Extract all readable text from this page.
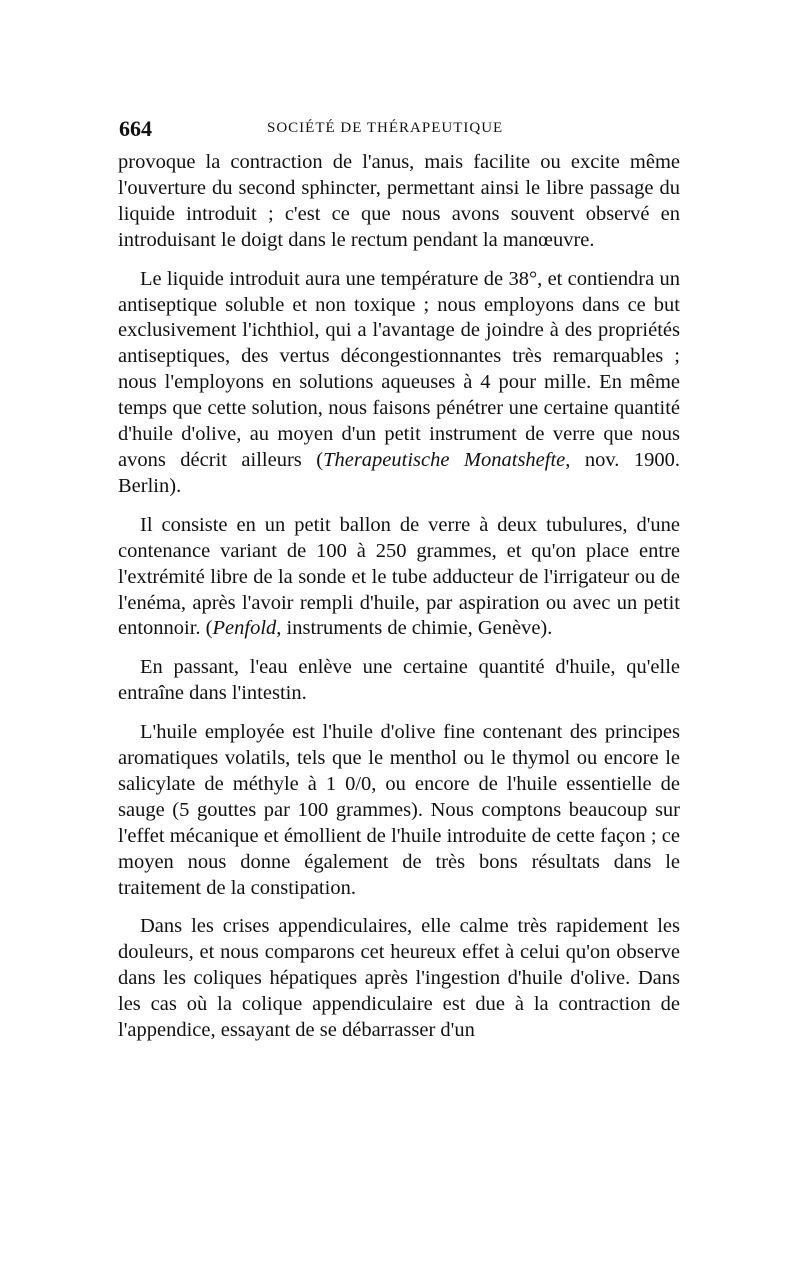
664	SOCIÉTÉ DE THÉRAPEUTIQUE

provoque la contraction de l'anus, mais facilite ou excite même l'ouverture du second sphincter, permettant ainsi le libre passage du liquide introduit ; c'est ce que nous avons souvent observé en introduisant le doigt dans le rectum pendant la manœuvre.

Le liquide introduit aura une température de 38°, et contiendra un antiseptique soluble et non toxique ; nous employons dans ce but exclusivement l'ichthiol, qui a l'avantage de joindre à des propriétés antiseptiques, des vertus décongestionnantes très remarquables ; nous l'employons en solutions aqueuses à 4 pour mille. En même temps que cette solution, nous faisons pénétrer une certaine quantité d'huile d'olive, au moyen d'un petit instrument de verre que nous avons décrit ailleurs (Therapeutische Monatshefte, nov. 1900. Berlin).

Il consiste en un petit ballon de verre à deux tubulures, d'une contenance variant de 100 à 250 grammes, et qu'on place entre l'extrémité libre de la sonde et le tube adducteur de l'irrigateur ou de l'enéma, après l'avoir rempli d'huile, par aspiration ou avec un petit entonnoir. (Penfold, instruments de chimie, Genève).

En passant, l'eau enlève une certaine quantité d'huile, qu'elle entraîne dans l'intestin.

L'huile employée est l'huile d'olive fine contenant des principes aromatiques volatils, tels que le menthol ou le thymol ou encore le salicylate de méthyle à 1 0/0, ou encore de l'huile essentielle de sauge (5 gouttes par 100 grammes). Nous comptons beaucoup sur l'effet mécanique et émollient de l'huile introduite de cette façon ; ce moyen nous donne également de très bons résultats dans le traitement de la constipation.

Dans les crises appendiculaires, elle calme très rapidement les douleurs, et nous comparons cet heureux effet à celui qu'on observe dans les coliques hépatiques après l'ingestion d'huile d'olive. Dans les cas où la colique appendiculaire est due à la contraction de l'appendice, essayant de se débarrasser d'un
